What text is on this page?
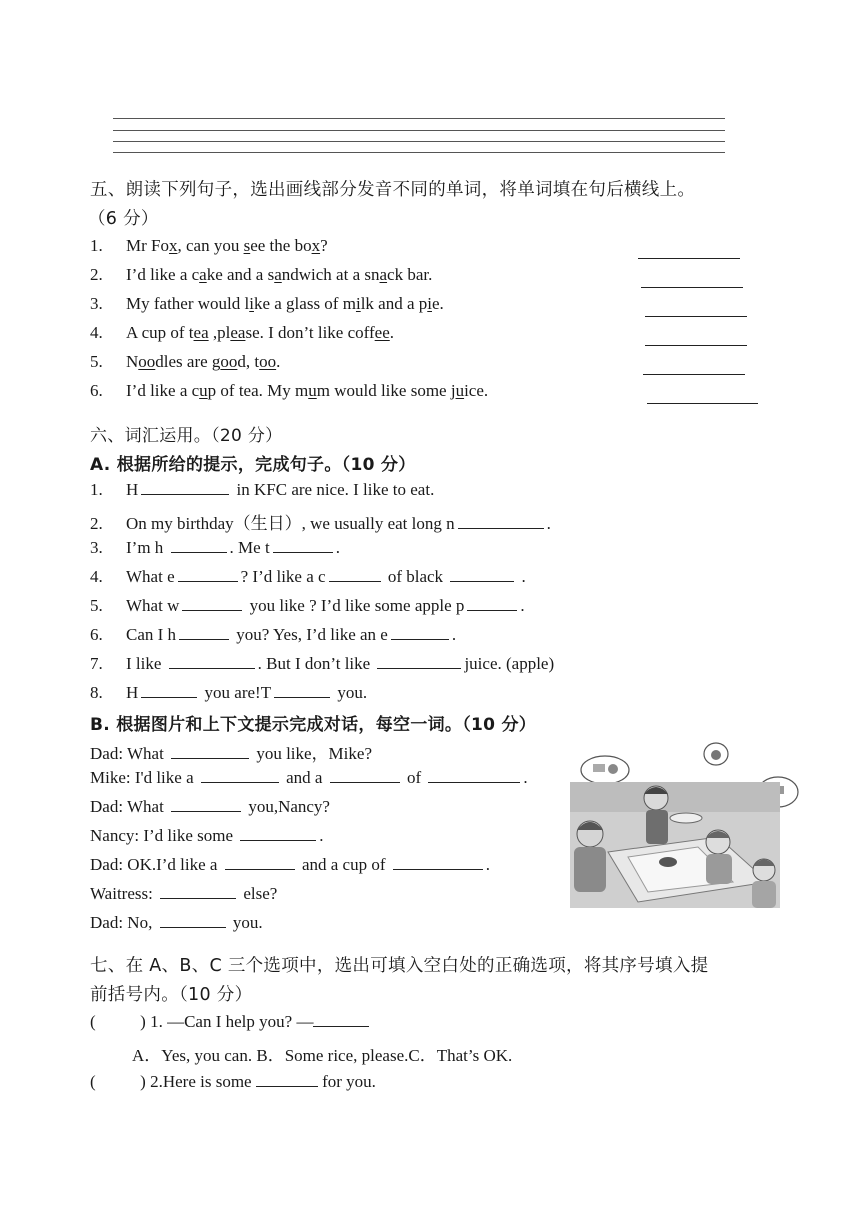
五、朗读下列句子，选出画线部分发音不同的单词，将单词填在句后横线上。
（6 分）
1. Mr Fox, can you see the box?
2. I’d like a cake and a sandwich at a snack bar.
3. My father would like a glass of milk and a pie.
4. A cup of tea ,please. I don’t like coffee.
5. Noodles are good, too.
6. I’d like a cup of tea. My mum would like some juice.
六、词汇运用。（20 分）
A. 根据所给的提示，完成句子。（10 分）
1. H	in KFC are nice. I like to eat.
2. On my birthday（生日）, we usually eat long n	.
3. I’m h	. Me t	.
4. What e	? I’d like a c	of black	.
5. What w	you like ? I’d like some apple p	.
6. Can I h	you? Yes, I’d like an e	.
7. I like	. But I don’t like	juice. (apple)
8. H	you are!T	you.
B. 根据图片和上下文提示完成对话，每空一词。（10 分）
Dad: What	you like，Mike?
Mike: I'd like a	and a	of	.
Dad: What	you,Nancy?
Nancy: I’d like some	.
Dad: OK.I’d like a	and a cup of	.
Waitress:	else?
Dad: No,	you.
七、在 A、B、C 三个选项中，选出可填入空白处的正确选项，将其序号填入提
前括号内。（10 分）
(	) 1. —Can I help you? —
A．Yes, you can. B．Some rice, please.C．That’s OK.
(	) 2.Here is some	for you.
